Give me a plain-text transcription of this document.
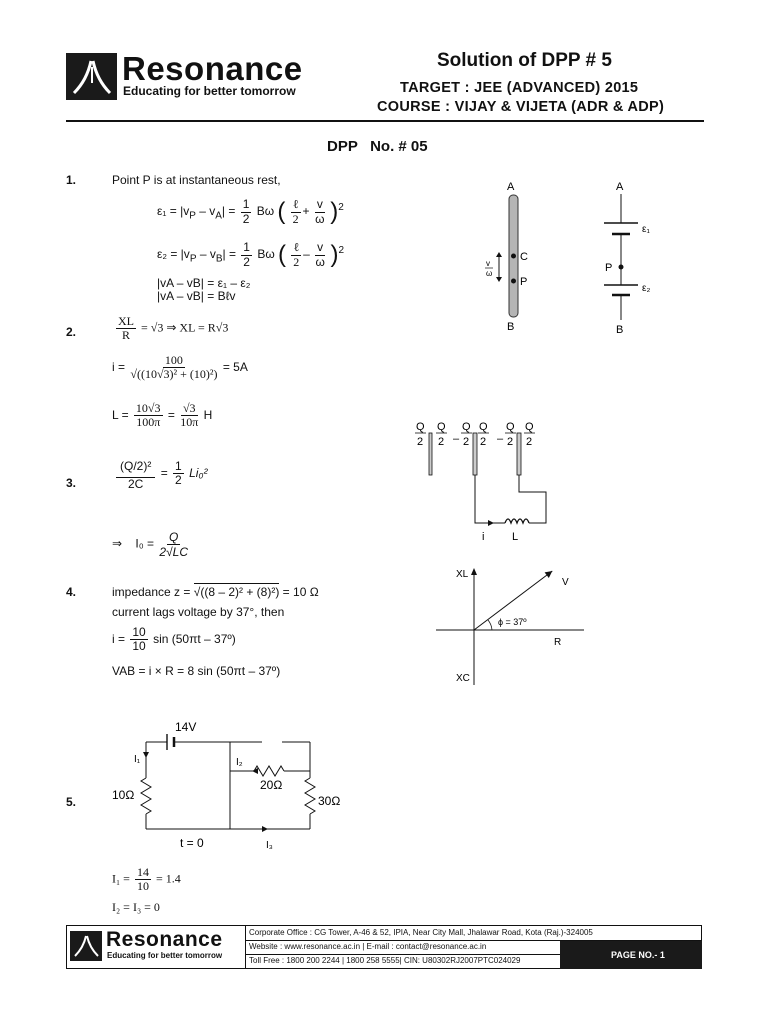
Resonance
Educating for better tomorrow
Solution of DPP # 5
TARGET : JEE (ADVANCED) 2015
COURSE : VIJAY & VIJETA (ADR & ADP)
DPP   No. # 05
1.	Point P is at instantaneous rest,
$\varepsilon_1 = |v_P - v_A| = \frac{1}{2}$ Bω ( $\frac{\text{ℓ}}{2} + \frac{v}{\omega} )^2$
$\varepsilon_2 = |v_P - v_B| = \frac{1}{2}$ Bω ( $\frac{\text{ℓ}}{2} - \frac{v}{\omega} )^2$
|vA – vB| = ε₁ – ε₂
|vA – vB| = Bℓv
A
C
P
B
v
ω
A
ε₁
P
ε₂
B
2.	$\frac{XL}{R} = √3$ ⇒ XL = R√3
$i = \frac{100}{\text{√((10√3)² + (10)²)}} = 5A$
$L = \frac{10√3}{100\pi} = \frac{√3}{10\pi}$ H
3.	$\frac{\text{(Q/2)²}}{2C} = \frac{1}{2} Li_0^2$
⇒ $I_0 = \frac{Q}{2√LC}$
Q
2
Q
2 –
Q
2
Q
2 –
Q
2
Q
2
i	L
4.	impedance z = √((8 – 2)² + (8)²) = 10 Ω
current lags voltage by 37°, then
$i = \frac{10}{10}$ sin (50πt – 37º)
VAB = i × R = 8 sin (50πt – 37º)
XL
V
ϕ = 37º
R
XC
5.
14V
I₁
10Ω	30Ω
I₂
20Ω
t = 0	I₃
$I_1 = \frac{14}{10} = 1.4$
I₂ = I₃ = 0
Resonance
Educating for better tomorrow
Corporate Office : CG Tower, A-46 & 52, IPIA, Near City Mall, Jhalawar Road, Kota (Raj.)-324005
Website : www.resonance.ac.in | E-mail : contact@resonance.ac.in
Toll Free : 1800 200 2244 | 1800 258 5555| CIN: U80302RJ2007PTC024029
PAGE NO.- 1
